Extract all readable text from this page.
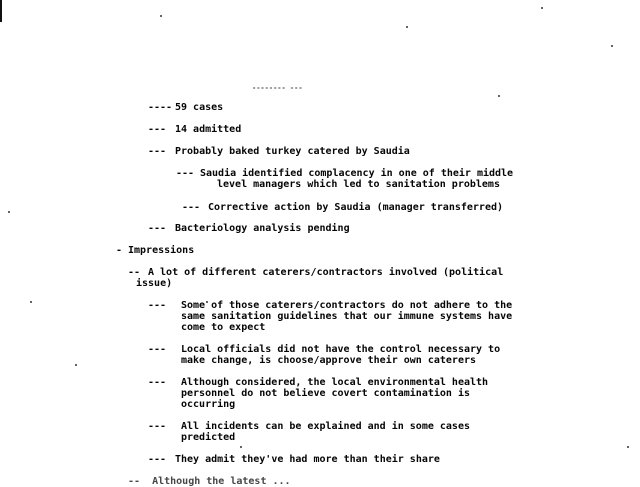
-------- ---
---- 59 cases
--- 14 admitted
--- Probably baked turkey catered by Saudia
--- Saudia identified complacency in one of their middle
level managers which led to sanitation problems
--- Corrective action by Saudia (manager transferred)
--- Bacteriology analysis pending
- Impressions
-- A lot of different caterers/contractors involved (political
issue)
--- Some of those caterers/contractors do not adhere to the
same sanitation guidelines that our immune systems have
come to expect
--- Local officials did not have the control necessary to
make change, is choose/approve their own caterers
--- Although considered, the local environmental health
personnel do not believe covert contamination is
occurring
--- All incidents can be explained and in some cases
predicted
--- They admit they've had more than their share
--  Although the latest ...
